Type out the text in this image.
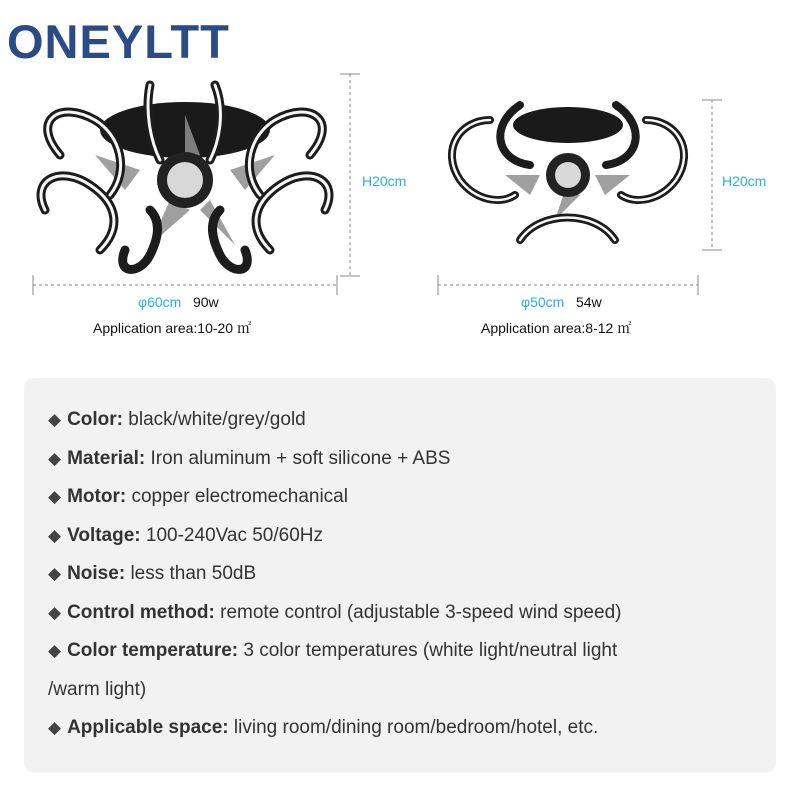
ONEYLTT
H20cm
φ60cm 90w
Application area:10-20 ㎡
H20cm
φ50cm 54w
Application area:8-12 ㎡
◆ Color: black/white/grey/gold
◆ Material: Iron aluminum + soft silicone + ABS
◆ Motor: copper electromechanical
◆ Voltage: 100-240Vac 50/60Hz
◆ Noise: less than 50dB
◆ Control method: remote control (adjustable 3-speed wind speed)
◆ Color temperature: 3 color temperatures (white light/neutral light
/warm light)
◆ Applicable space: living room/dining room/bedroom/hotel, etc.
